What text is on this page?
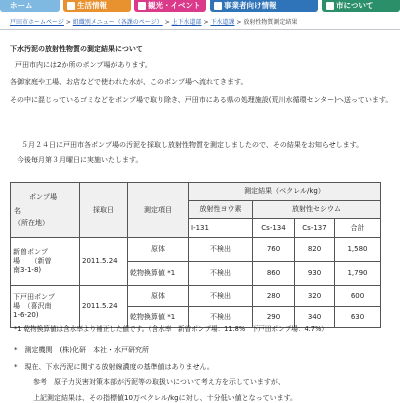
ホーム	生活情報	観光・イベント	事業者向け情報	市について
戸田市ホームページ > 組織別メニュー（各課のページ） > 上下水道部 > 下水道課 > 放射性物質測定結果
下水汚泥の放射性物質の測定結果について
戸田市内には2か所のポンプ場があります。
各御家庭や工場、お店などで使われた水が、このポンプ場へ流れてきます。
その中に混じっているゴミなどをポンプ場で取り除き、戸田市にある県の処理施設(荒川水循環センター)へ送っています。
５月２４日に戸田市各ポンプ場の汚泥を採取し放射性物質を測定しましたので、その結果をお知らせします。
今後毎月第３月曜日に実施いたします。
ポンプ場
名
（所在地）	採取日	測定項目	測定結果（ベクレル/kg）			
			放射性ヨウ素	放射性セシウム		
			I-131	Cs-134	Cs-137	合計

新曽ポンプ
場　　（新曽
南3-1-8)	2011.5.24	原体	不検出	760	820	1,580
		乾物換算値 *1	不検出	860	930	1,790

下戸田ポンプ
場　（喜沢南
1-6-20)	2011.5.24	原体	不検出	280	320	600
		乾物換算値 *1	不検出	290	340	630
*1 乾物換算値は含水率より補正した値です。（含水率　新曽ポンプ場：11.8%　下戸田ポンプ場：4.7%）
*　測定機関　(株)化研　本社・水戸研究所
*　現在、下水汚泥に関する放射線濃度の基準値はありません。
参考　原子力災害対策本部が汚泥等の取扱いについて考え方を示していますが、
上記測定結果は、その指標値10万ベクレル/kgに対し、十分低い値となっています。
